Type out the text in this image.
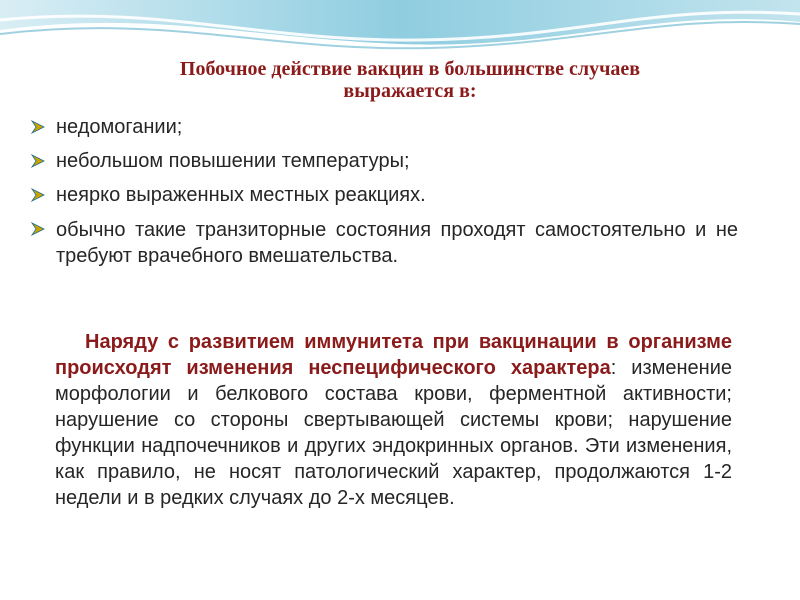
Побочное действие вакцин в большинстве случаев
выражается в:
недомогании;
небольшом повышении температуры;
неярко выраженных местных реакциях.
обычно такие транзиторные состояния проходят самостоятельно и не требуют врачебного вмешательства.

Наряду с развитием иммунитета при вакцинации в организме происходят изменения неспецифического характера: изменение морфологии и белкового состава крови, ферментной активности; нарушение со стороны свертывающей системы крови; нарушение функции надпочечников и других эндокринных органов. Эти изменения, как правило, не носят патологический характер, продолжаются 1-2 недели и в редких случаях до 2-х месяцев.
